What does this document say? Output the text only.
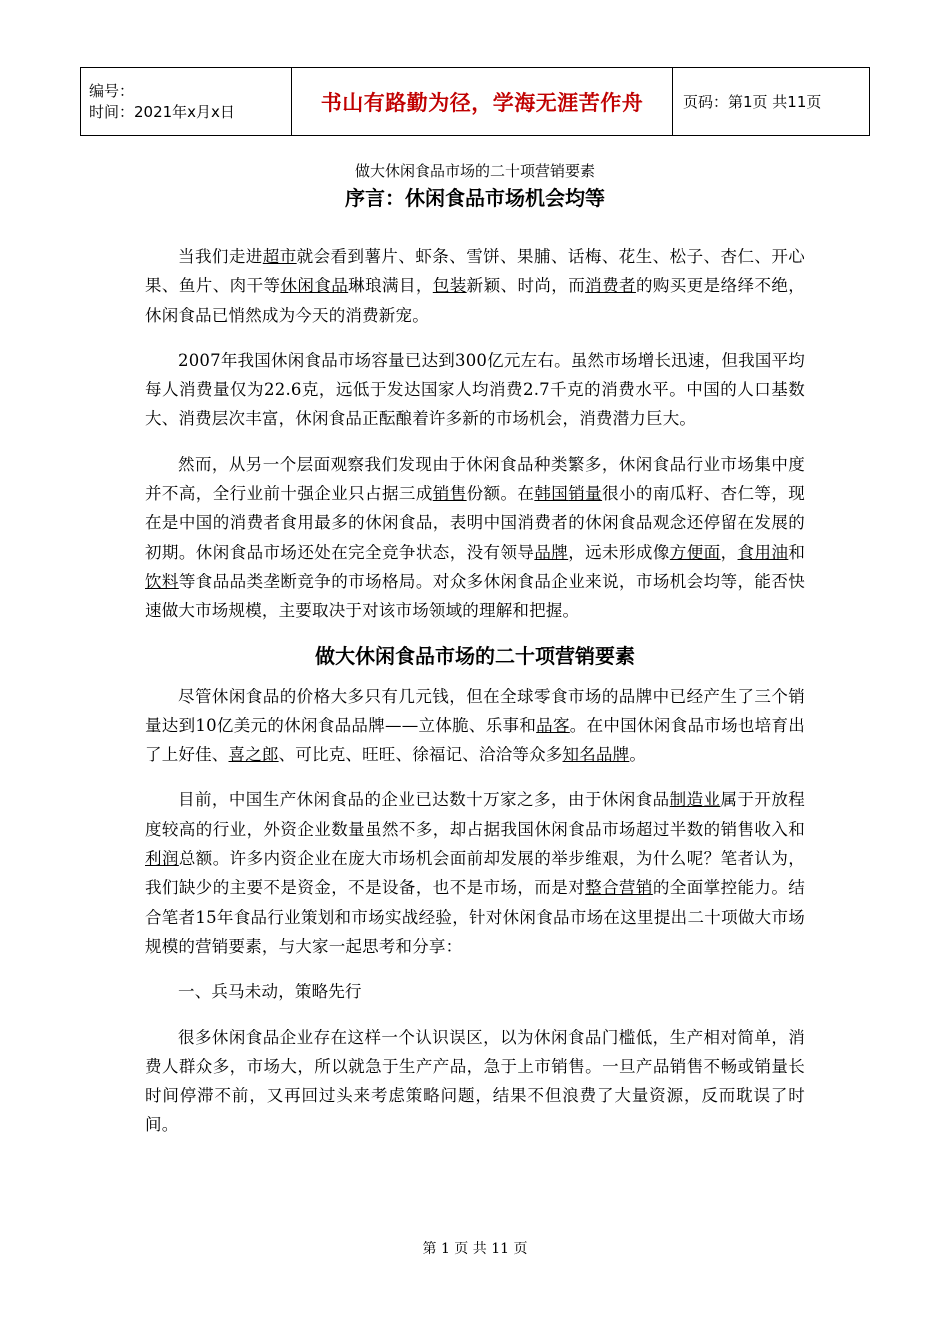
编号：
时间：2021年x月x日	书山有路勤为径，学海无涯苦作舟	页码：第1页 共11页
做大休闲食品市场的二十项营销要素
序言：休闲食品市场机会均等

当我们走进超市就会看到薯片、虾条、雪饼、果脯、话梅、花生、松子、杏仁、开心果、鱼片、肉干等休闲食品琳琅满目，包装新颖、时尚，而消费者的购买更是络绎不绝，休闲食品已悄然成为今天的消费新宠。

2007年我国休闲食品市场容量已达到300亿元左右。虽然市场增长迅速，但我国平均每人消费量仅为22.6克，远低于发达国家人均消费2.7千克的消费水平。中国的人口基数大、消费层次丰富，休闲食品正酝酿着许多新的市场机会，消费潜力巨大。

然而，从另一个层面观察我们发现由于休闲食品种类繁多，休闲食品行业市场集中度并不高，全行业前十强企业只占据三成销售份额。在韩国销量很小的南瓜籽、杏仁等，现在是中国的消费者食用最多的休闲食品，表明中国消费者的休闲食品观念还停留在发展的初期。休闲食品市场还处在完全竞争状态，没有领导品牌，远未形成像方便面，食用油和饮料等食品品类垄断竞争的市场格局。对众多休闲食品企业来说，市场机会均等，能否快速做大市场规模，主要取决于对该市场领域的理解和把握。

做大休闲食品市场的二十项营销要素

尽管休闲食品的价格大多只有几元钱，但在全球零食市场的品牌中已经产生了三个销量达到10亿美元的休闲食品品牌——立体脆、乐事和品客。在中国休闲食品市场也培育出了上好佳、喜之郎、可比克、旺旺、徐福记、洽洽等众多知名品牌。

目前，中国生产休闲食品的企业已达数十万家之多，由于休闲食品制造业属于开放程度较高的行业，外资企业数量虽然不多，却占据我国休闲食品市场超过半数的销售收入和利润总额。许多内资企业在庞大市场机会面前却发展的举步维艰，为什么呢？笔者认为，我们缺少的主要不是资金，不是设备，也不是市场，而是对整合营销的全面掌控能力。结合笔者15年食品行业策划和市场实战经验，针对休闲食品市场在这里提出二十项做大市场规模的营销要素，与大家一起思考和分享：

一、兵马未动，策略先行

很多休闲食品企业存在这样一个认识误区，以为休闲食品门槛低，生产相对简单，消费人群众多，市场大，所以就急于生产产品，急于上市销售。一旦产品销售不畅或销量长时间停滞不前，又再回过头来考虑策略问题，结果不但浪费了大量资源，反而耽误了时间。

第 1 页 共 11 页
